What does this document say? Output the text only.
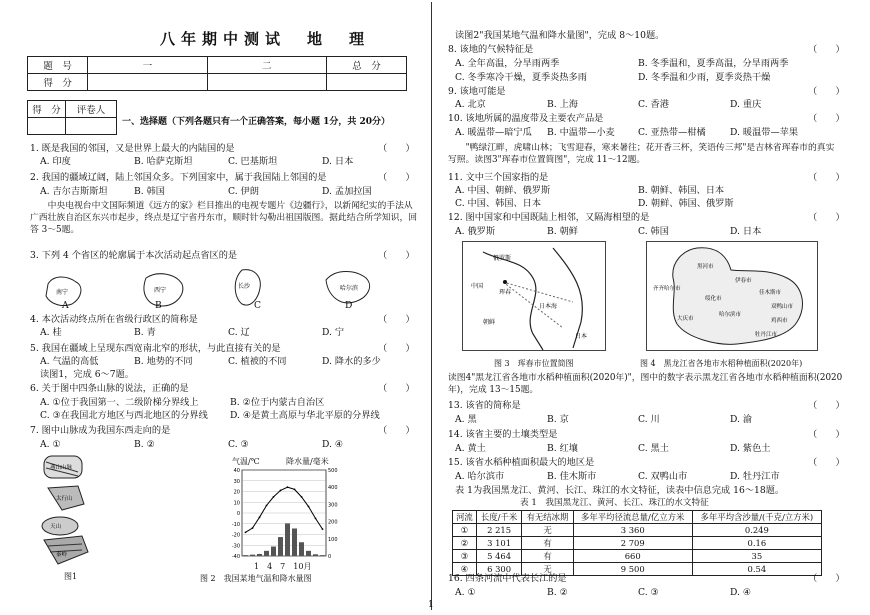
八年期中测试　地　理
题　号	一	二	总　分
得　分			
得　分	评卷人

一、选择题（下列各题只有一个正确答案，每小题 1分，共 20分）
1. 既是我国的邻国，又是世界上最大的内陆国的是	（　　）
A. 印度	B. 哈萨克斯坦	C. 巴基斯坦	D. 日本
2. 我国的疆域辽阔，陆上邻国众多。下列国家中，属于我国陆上邻国的是	（　　）
A. 吉尔吉斯斯坦	B. 韩国	C. 伊朗	D. 孟加拉国
　　中央电视台中文国际频道《远方的家》栏目推出的电视专题片《边疆行》，以新闻纪实的手法从广西壮族自治区东兴市起步，终点是辽宁省丹东市，顺时针勾勒出祖国版图。据此结合所学知识，回答 3～5题。
3. 下列 4 个省区的轮廓属于本次活动起点省区的是	（　　）
南宁	西宁
长沙	哈尔滨
A	B	C	D
4. 本次活动终点所在省级行政区的简称是	（　　）
A. 桂	B. 青	C. 辽	D. 宁
5. 我国在疆域上呈现东西宽南北窄的形状，与此直接有关的是	（　　）
A. 气温的高低	B. 地势的不同	C. 植被的不同	D. 降水的多少
读图1，完成 6～7题。
6. 关于图中四条山脉的说法，正确的是	（　　）
A. ①位于我国第一、二级阶梯分界线上	B. ②位于内蒙古自治区
C. ③在我国北方地区与西北地区的分界线 D. ④是黄土高原与华北平原的分界线
7. 图中山脉成为我国东西走向的是	（　　）
A. ①	B. ②	C. ③	D. ④
燕山山脉
太行山
天山
秦岭
图1
气温/℃	降水量/毫米
40
30
20
10
0
-10
-20
-30
-40
500
400
300
200
100
0
1　4　7　10月
图 2　我国某地气温和降水量图
读图2"我国某地气温和降水量图"，完成 8～10题。
8. 该地的气候特征是	（　　）
A. 全年高温，分旱雨两季	B. 冬季温和，夏季高温，分旱雨两季
C. 冬季寒冷干燥，夏季炎热多雨	D. 冬季温和少雨，夏季炎热干燥
9. 该地可能是	（　　）
A. 北京	B. 上海	C. 香港	D. 重庆
10. 该地所属的温度带及主要农产品是	（　　）
A. 暖温带—暗宁瓜 B. 中温带—小麦	C. 亚热带—柑橘	D. 暖温带—苹果
　　"鸭绿江畔，虎啸山林；飞雪迎春，寒来暑往；花开香三杯，笑语传三邦"是吉林省珲春市的真实写照。读图3"珲春市位置简图"，完成 11～12题。
11. 文中三个国家指的是	（　　）
A. 中国、朝鲜、俄罗斯	B. 朝鲜、韩国、日本
C. 中国、韩国、日本	D. 朝鲜、韩国、俄罗斯
12. 图中国家和中国既陆上相邻，又隔海相望的是	（　　）
A. 俄罗斯	B. 朝鲜	C. 韩国	D. 日本
俄罗斯
中国
珲春
朝鲜
日本海
日本
图 3　珲春市位置简图
黑河市
伊春市
齐齐哈尔市
哈尔滨市
佳木斯市
双鸭山市
鸡西市
牡丹江市
大庆市
绥化市
图 4　黑龙江省各地市水稻种植面积(2020年)
读图4"黑龙江省各地市水稻种植面积(2020年)"，图中的数字表示黑龙江省各地市水稻种植面积(2020年)，完成 13～15题。
13. 该省的简称是	（　　）
A. 黑	B. 京	C. 川	D. 渝
14. 该省主要的土壤类型是	（　　）
A. 黄土	B. 红壤	C. 黑土	D. 紫色土
15. 该省水稻种植面积最大的地区是	（　　）
A. 哈尔滨市	B. 佳木斯市	C. 双鸭山市	D. 牡丹江市
表 1为我国黑龙江、黄河、长江、珠江的水文特征，读表中信息完成 16～18题。
表 1　我国黑龙江、黄河、长江、珠江的水文特征
河流	长度/千米	有无结冰期	多年平均径流总量/亿立方米	多年平均含沙量/(千克/立方米)
①	2 215	无	3 360	0.249
②	3 101	有	2 709	0.16
③	5 464	有	660	35
④	6 300	无	9 500	0.54
16. 四条河流中代表长江的是	（　　）
A. ①	B. ②	C. ③	D. ④
1
